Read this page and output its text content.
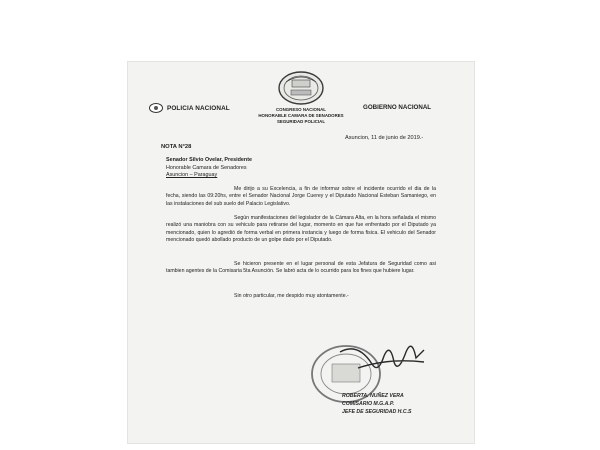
POLICIA NACIONAL	CONGRESO NACIONAL
HONORABLE CAMARA DE SENADORES
SEGURIDAD POLICIAL
GOBIERNO NACIONAL
Asuncion, 11 de junio de 2019.-
NOTA N°28
Senador Silvio Ovelar, Presidente
Honorable Camara de Senadores
Asuncion – Paraguay

Me dirijo a su Excelencia, a fin de informar sobre el incidente ocurrido el dia de la fecha, siendo las 09:20hs, entre el Senador Nacional Jorge Cuerey y el Diputado Nacional Esteban Samaniego, en las instalaciones del sub suelo del Palacio Legislativo.

Según manifestaciones del legislador de la Cámara Alta, en la hora señalada el mismo realizó una maniobra con su vehiculo para retirarse del lugar, momento en que fue enfrentado por el Diputado ya mencionado, quien lo agredió de forma verbal en primera instancia y luego de forma fisica. El vehiculo del Senador mencionado quedó abollado producto de un golpe dado por el Diputado.

Se hicieron presente en el lugar personal de esta Jefatura de Seguridad como asi tambien agentes de la Comisaria 5ta Asunción. Se labró acta de lo ocurrido para los fines que hubiere lugar.

Sin otro particular, me despido muy atontamente.-

ROBERTA. NUÑEZ VERA
COMISARIO M.G.A.P.
JEFE DE SEGURIDAD H.C.S
